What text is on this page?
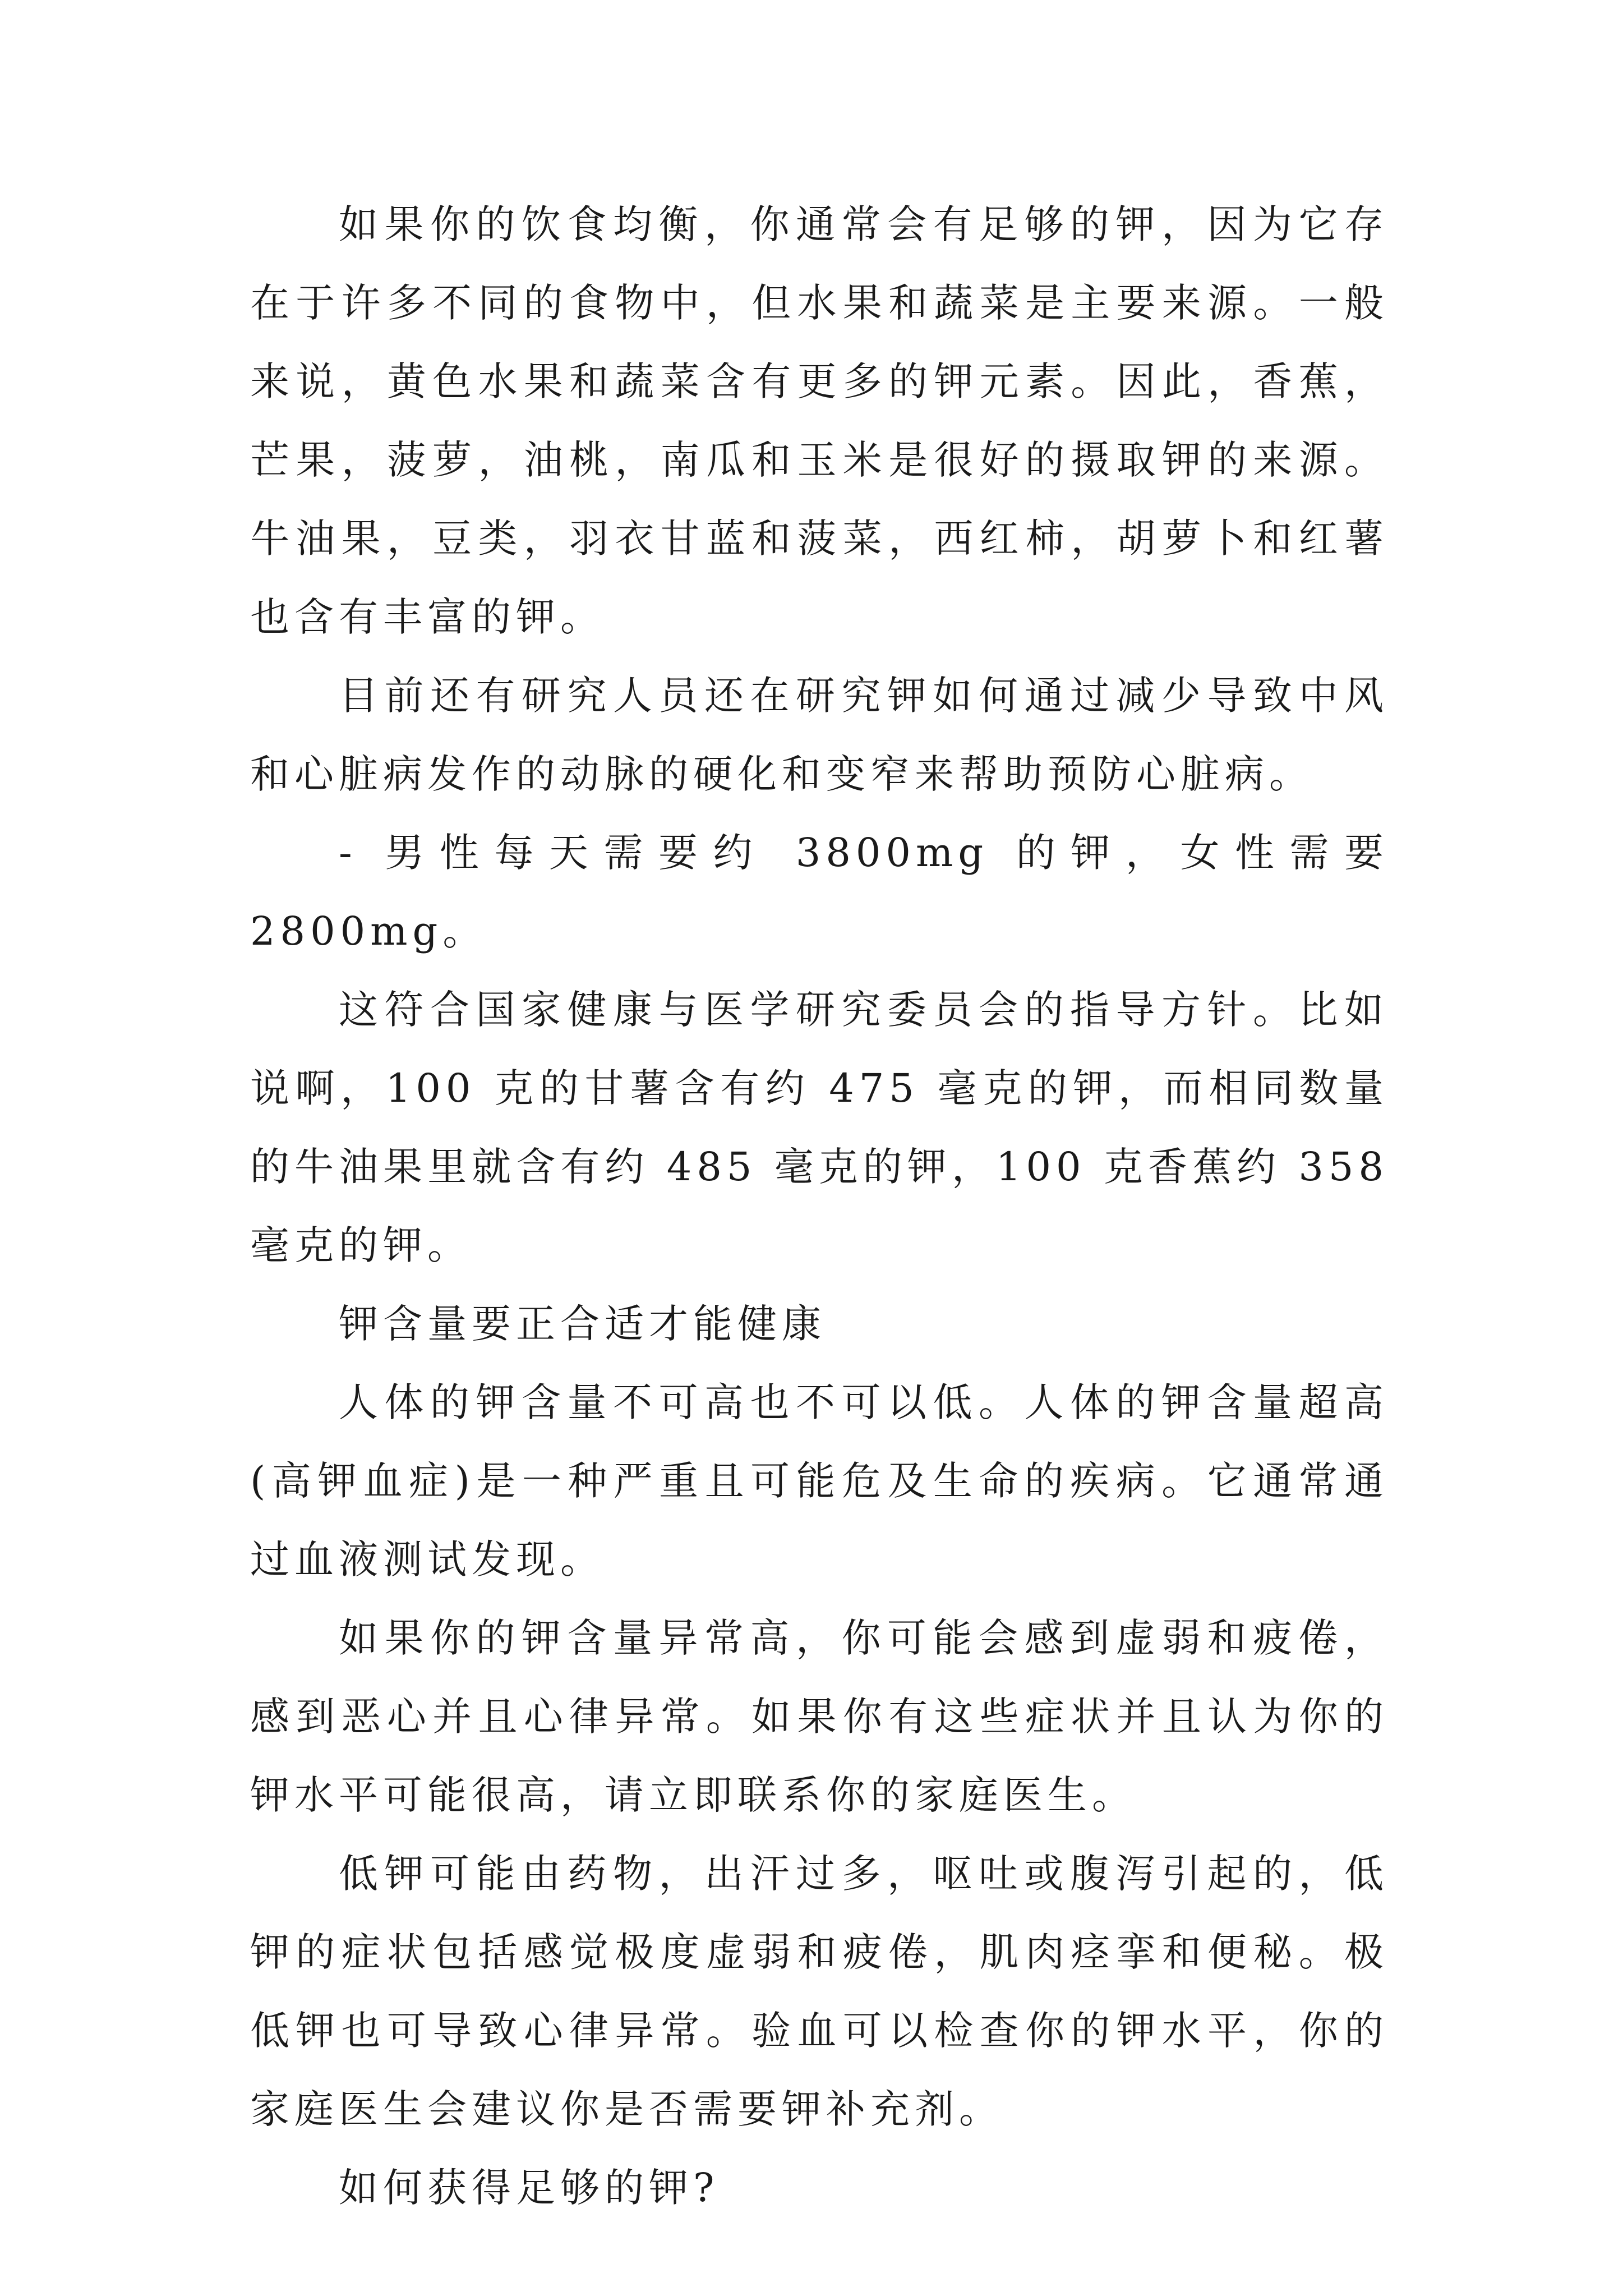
如果你的饮食均衡，你通常会有足够的钾，因为它存在于许多不同的食物中，但水果和蔬菜是主要来源。一般来说，黄色水果和蔬菜含有更多的钾元素。因此，香蕉，芒果，菠萝，油桃，南瓜和玉米是很好的摄取钾的来源。牛油果，豆类，羽衣甘蓝和菠菜，西红柿，胡萝卜和红薯也含有丰富的钾。

目前还有研究人员还在研究钾如何通过减少导致中风和心脏病发作的动脉的硬化和变窄来帮助预防心脏病。

- 男性每天需要约 3800mg 的钾，女性需要 2800mg。

这符合国家健康与医学研究委员会的指导方针。比如说啊，100 克的甘薯含有约 475 毫克的钾，而相同数量的牛油果里就含有约 485 毫克的钾，100 克香蕉约 358 毫克的钾。

钾含量要正合适才能健康

人体的钾含量不可高也不可以低。人体的钾含量超高(高钾血症)是一种严重且可能危及生命的疾病。它通常通过血液测试发现。

如果你的钾含量异常高，你可能会感到虚弱和疲倦，感到恶心并且心律异常。如果你有这些症状并且认为你的钾水平可能很高，请立即联系你的家庭医生。

低钾可能由药物，出汗过多，呕吐或腹泻引起的，低钾的症状包括感觉极度虚弱和疲倦，肌肉痉挛和便秘。极低钾也可导致心律异常。验血可以检查你的钾水平，你的家庭医生会建议你是否需要钾补充剂。

如何获得足够的钾?
